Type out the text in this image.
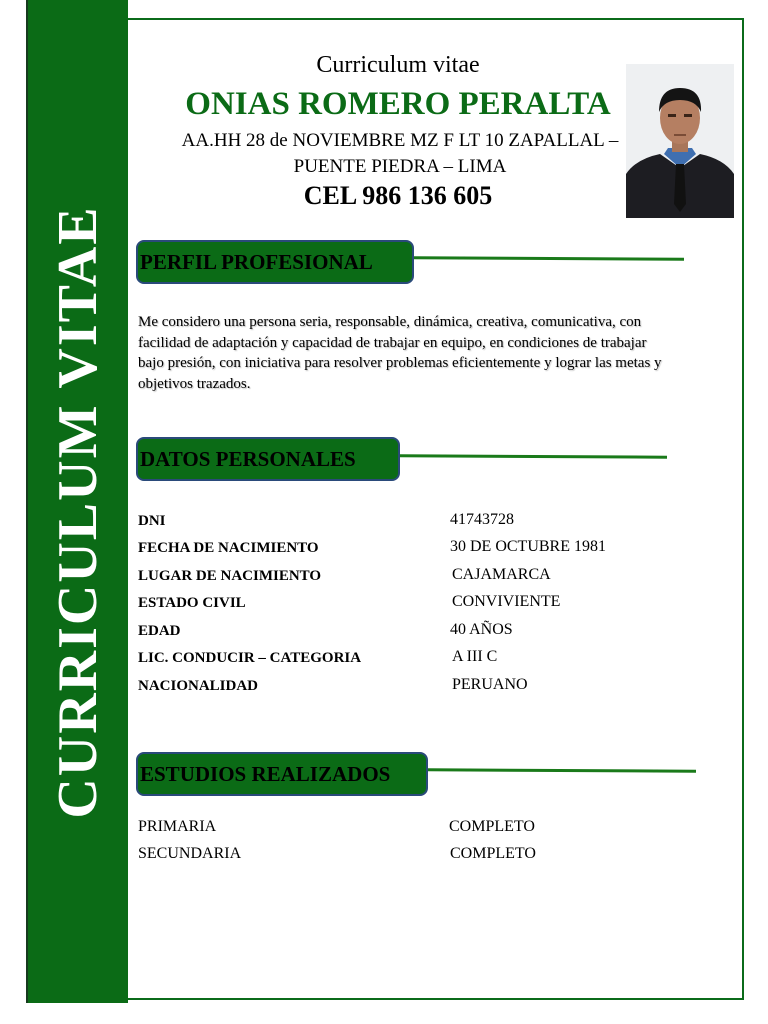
CURRICULUM VITAE
Curriculum vitae
ONIAS ROMERO PERALTA
AA.HH 28 de NOVIEMBRE MZ F LT 10 ZAPALLAL –
PUENTE PIEDRA – LIMA
CEL 986 136 605
PERFIL PROFESIONAL
Me considero una persona seria, responsable, dinámica, creativa, comunicativa, con facilidad de adaptación y capacidad de trabajar en equipo, en condiciones de trabajar bajo presión, con iniciativa para resolver problemas eficientemente y lograr las metas y objetivos trazados.
DATOS PERSONALES
DNI	41743728
FECHA DE NACIMIENTO	30 DE OCTUBRE 1981
LUGAR DE NACIMIENTO	CAJAMARCA
ESTADO CIVIL	CONVIVIENTE
EDAD	40 AÑOS
LIC. CONDUCIR – CATEGORIA	A III C
NACIONALIDAD	PERUANO
ESTUDIOS REALIZADOS
PRIMARIA	COMPLETO
SECUNDARIA	COMPLETO
